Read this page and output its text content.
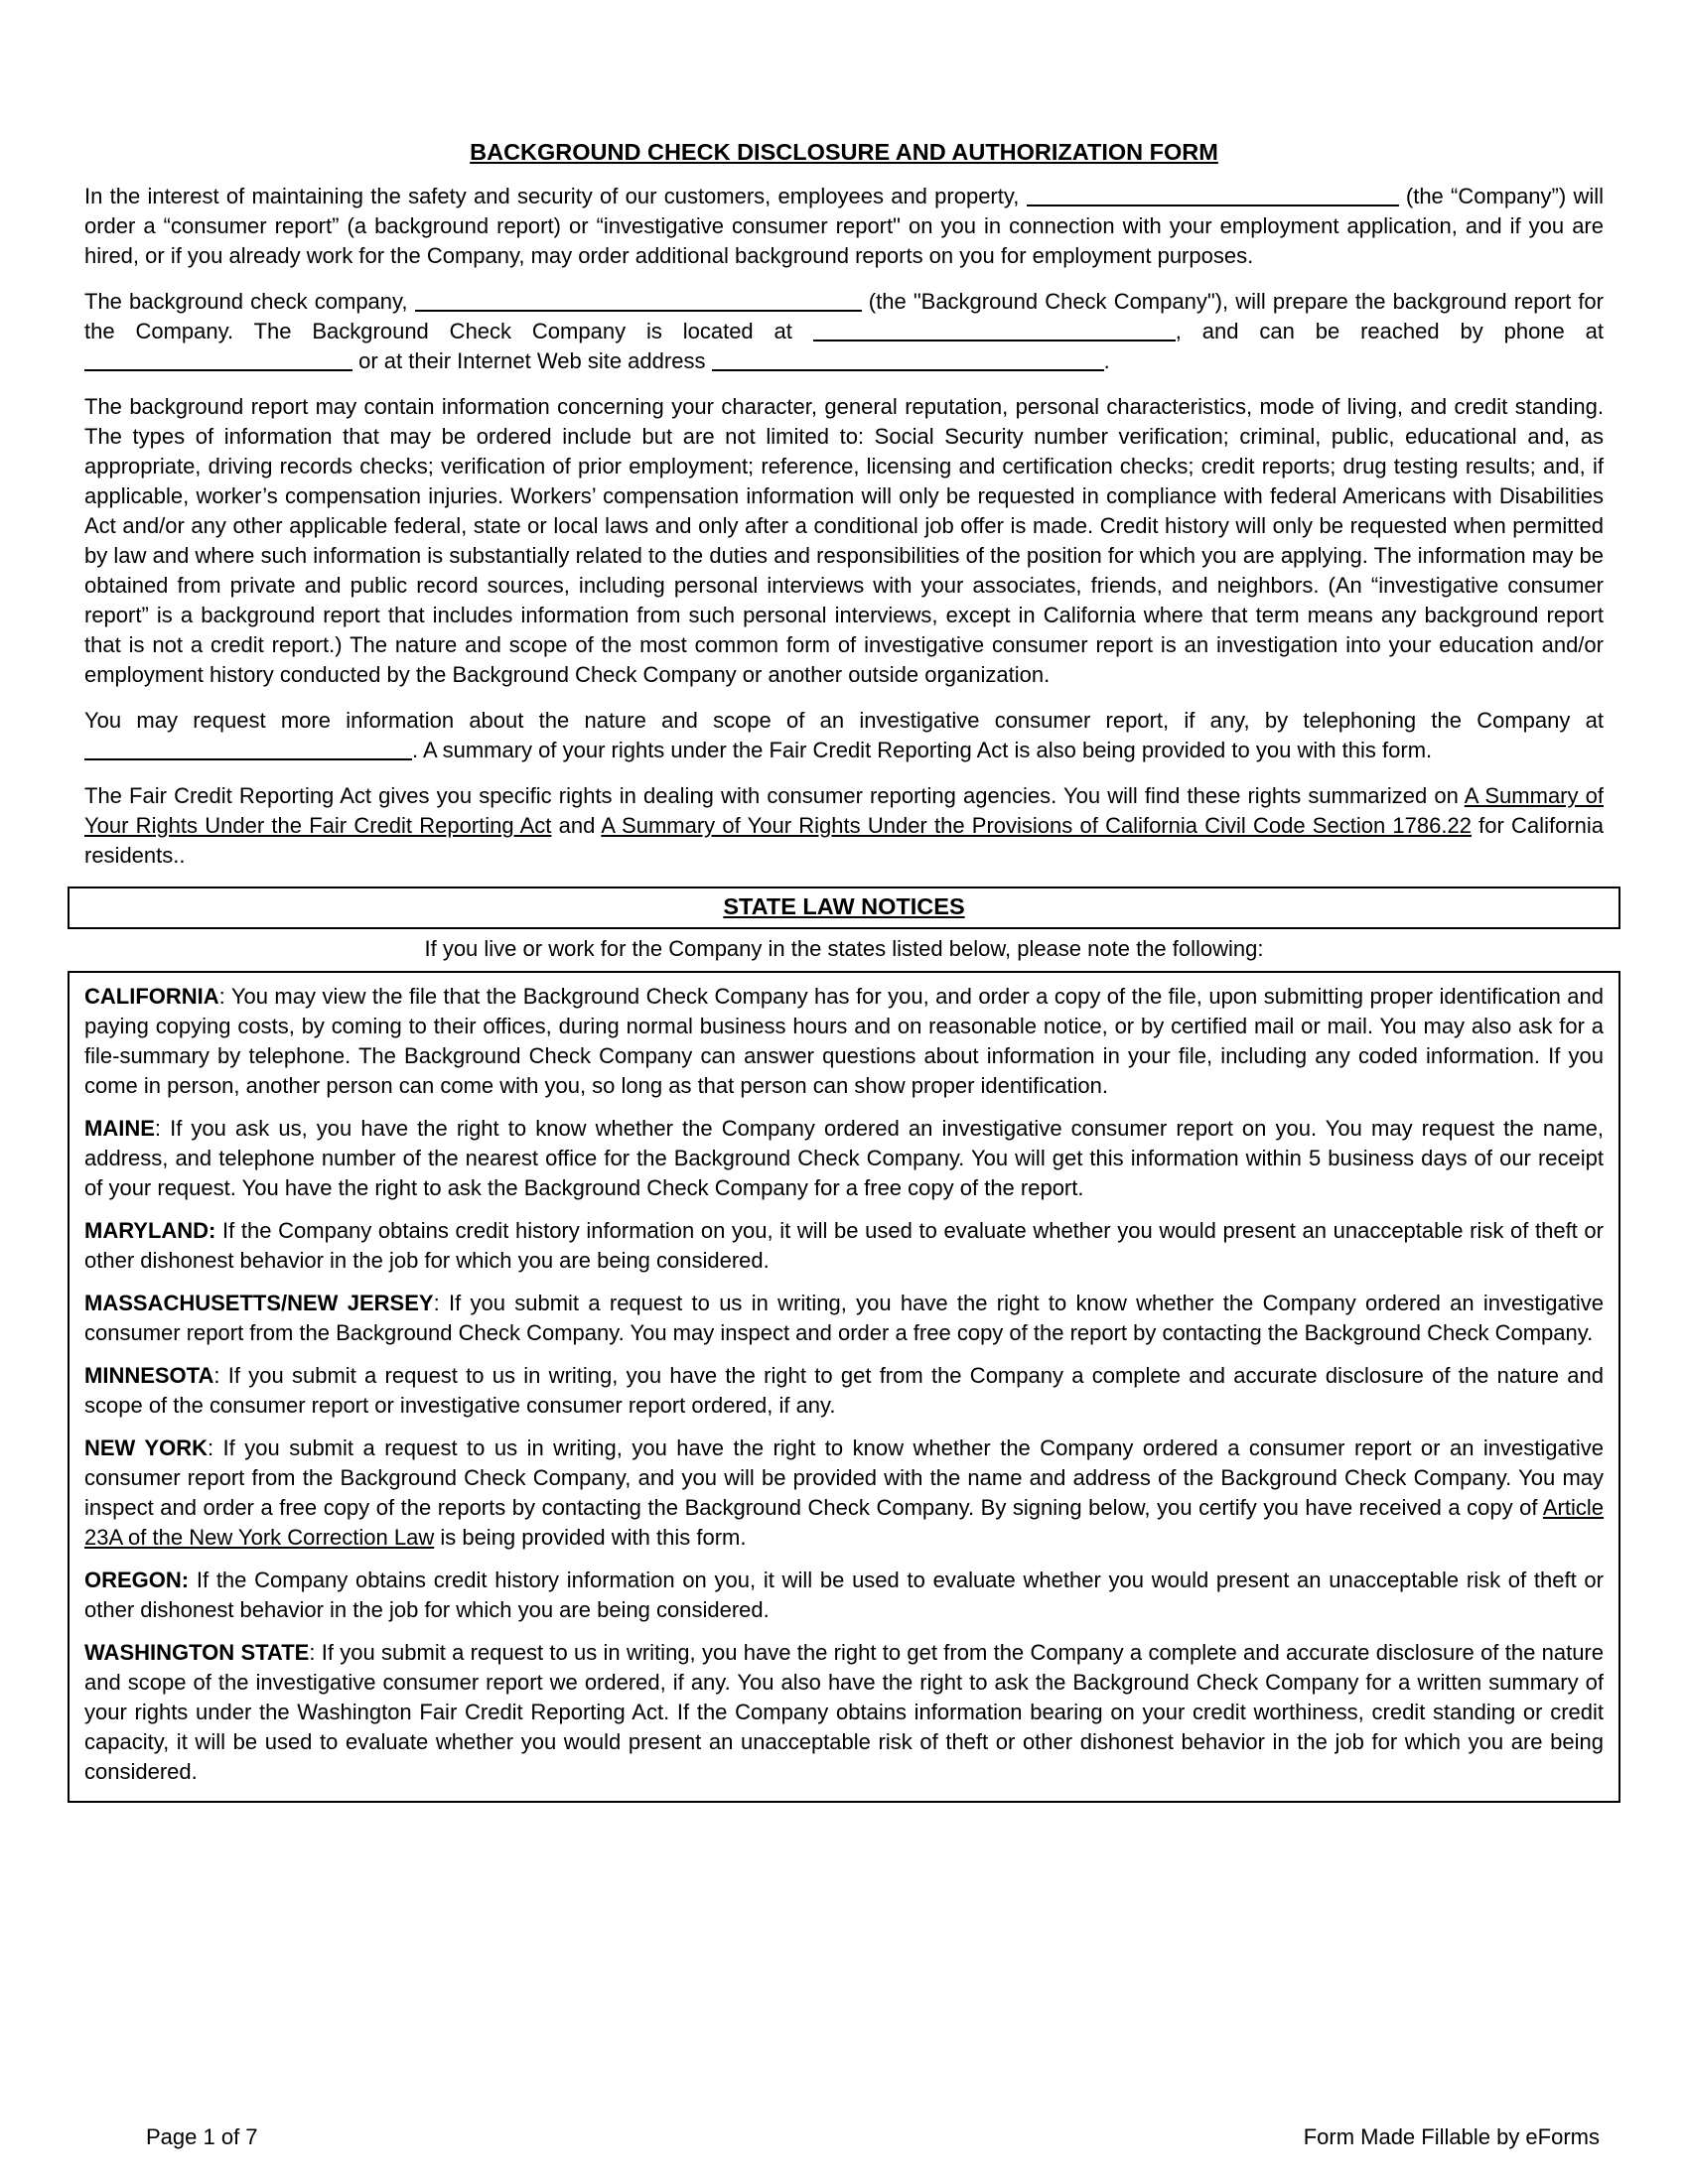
BACKGROUND CHECK DISCLOSURE AND AUTHORIZATION FORM

In the interest of maintaining the safety and security of our customers, employees and property,	(the “Company”) will order a “consumer report” (a background report) or “investigative consumer report" on you in connection with your employment application, and if you are hired, or if you already work for the Company, may order additional background reports on you for employment purposes.

The background check company,	(the "Background Check Company"), will prepare the background report for the Company. The Background Check Company is located at	, and can be reached by phone at  or at their Internet Web site address	.

The background report may contain information concerning your character, general reputation, personal characteristics, mode of living, and credit standing. The types of information that may be ordered include but are not limited to: Social Security number verification; criminal, public, educational and, as appropriate, driving records checks; verification of prior employment; reference, licensing and certification checks; credit reports; drug testing results; and, if applicable, worker’s compensation injuries. Workers’ compensation information will only be requested in compliance with federal Americans with Disabilities Act and/or any other applicable federal, state or local laws and only after a conditional job offer is made. Credit history will only be requested when permitted by law and where such information is substantially related to the duties and responsibilities of the position for which you are applying. The information may be obtained from private and public record sources, including personal interviews with your associates, friends, and neighbors. (An “investigative consumer report” is a background report that includes information from such personal interviews, except in California where that term means any background report that is not a credit report.) The nature and scope of the most common form of investigative consumer report is an investigation into your education and/or employment history conducted by the Background Check Company or another outside organization.

You may request more information about the nature and scope of an investigative consumer report, if any, by telephoning the Company at . A summary of your rights under the Fair Credit Reporting Act is also being provided to you with this form.

The Fair Credit Reporting Act gives you specific rights in dealing with consumer reporting agencies. You will find these rights summarized on A Summary of Your Rights Under the Fair Credit Reporting Act and A Summary of Your Rights Under the Provisions of California Civil Code Section 1786.22 for California residents..

STATE LAW NOTICES
If you live or work for the Company in the states listed below, please note the following:

CALIFORNIA: You may view the file that the Background Check Company has for you, and order a copy of the file, upon submitting proper identification and paying copying costs, by coming to their offices, during normal business hours and on reasonable notice, or by certified mail or mail. You may also ask for a file-summary by telephone. The Background Check Company can answer questions about information in your file, including any coded information. If you come in person, another person can come with you, so long as that person can show proper identification.

MAINE: If you ask us, you have the right to know whether the Company ordered an investigative consumer report on you. You may request the name, address, and telephone number of the nearest office for the Background Check Company. You will get this information within 5 business days of our receipt of your request. You have the right to ask the Background Check Company for a free copy of the report.

MARYLAND: If the Company obtains credit history information on you, it will be used to evaluate whether you would present an unacceptable risk of theft or other dishonest behavior in the job for which you are being considered.

MASSACHUSETTS/NEW JERSEY: If you submit a request to us in writing, you have the right to know whether the Company ordered an investigative consumer report from the Background Check Company. You may inspect and order a free copy of the report by contacting the Background Check Company.

MINNESOTA: If you submit a request to us in writing, you have the right to get from the Company a complete and accurate disclosure of the nature and scope of the consumer report or investigative consumer report ordered, if any.

NEW YORK: If you submit a request to us in writing, you have the right to know whether the Company ordered a consumer report or an investigative consumer report from the Background Check Company, and you will be provided with the name and address of the Background Check Company. You may inspect and order a free copy of the reports by contacting the Background Check Company. By signing below, you certify you have received a copy of Article 23A of the New York Correction Law is being provided with this form.

OREGON: If the Company obtains credit history information on you, it will be used to evaluate whether you would present an unacceptable risk of theft or other dishonest behavior in the job for which you are being considered.

WASHINGTON STATE: If you submit a request to us in writing, you have the right to get from the Company a complete and accurate disclosure of the nature and scope of the investigative consumer report we ordered, if any. You also have the right to ask the Background Check Company for a written summary of your rights under the Washington Fair Credit Reporting Act. If the Company obtains information bearing on your credit worthiness, credit standing or credit capacity, it will be used to evaluate whether you would present an unacceptable risk of theft or other dishonest behavior in the job for which you are being considered.

Page 1 of 7	Form Made Fillable by eForms
